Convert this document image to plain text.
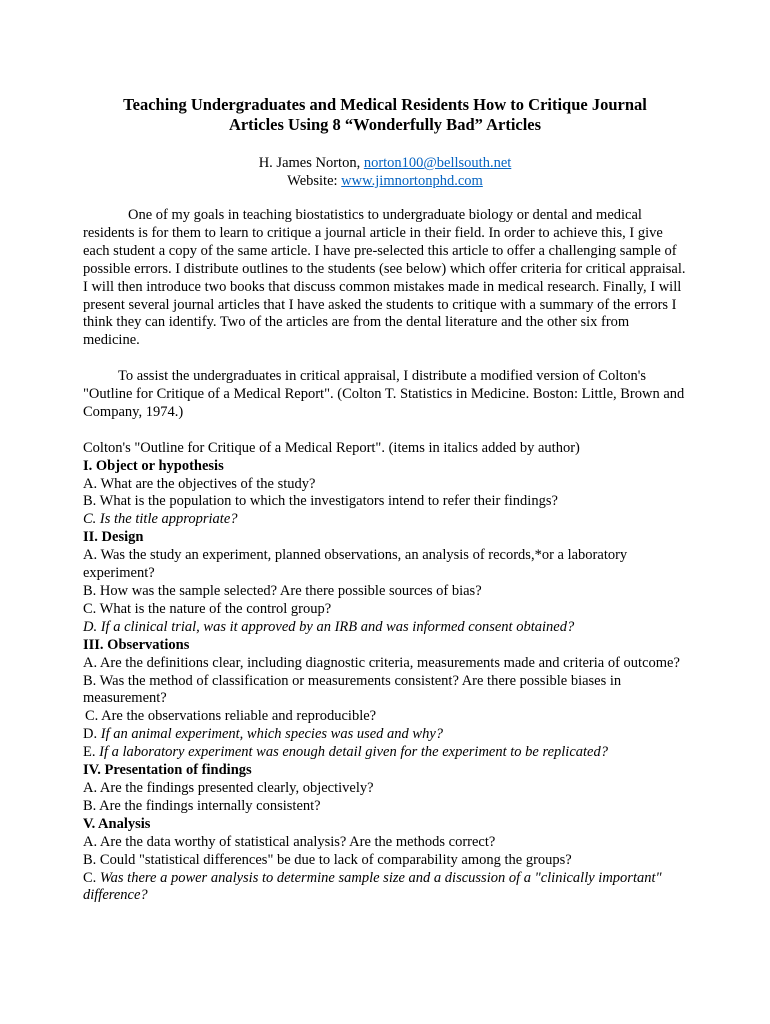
Teaching Undergraduates and Medical Residents How to Critique Journal
Articles Using 8 “Wonderfully Bad” Articles
H. James Norton, norton100@bellsouth.net
Website: www.jimnortonphd.com

One of my goals in teaching biostatistics to undergraduate biology or dental and medical residents is for them to learn to critique a journal article in their field. In order to achieve this, I give each student a copy of the same article. I have pre-selected this article to offer a challenging sample of possible errors. I distribute outlines to the students (see below) which offer criteria for critical appraisal. I will then introduce two books that discuss common mistakes made in medical research. Finally, I will present several journal articles that I have asked the students to critique with a summary of the errors I think they can identify. Two of the articles are from the dental literature and the other six from medicine.

To assist the undergraduates in critical appraisal, I distribute a modified version of Colton's "Outline for Critique of a Medical Report". (Colton T. Statistics in Medicine. Boston: Little, Brown and Company, 1974.)

Colton's "Outline for Critique of a Medical Report". (items in italics added by author)

I. Object or hypothesis

A. What are the objectives of the study?

B. What is the population to which the investigators intend to refer their findings?

C. Is the title appropriate?

II. Design

A. Was the study an experiment, planned observations, an analysis of records,*or a laboratory experiment?

B. How was the sample selected? Are there possible sources of bias?

C. What is the nature of the control group?

D. If a clinical trial, was it approved by an IRB and was informed consent obtained?

III. Observations

A. Are the definitions clear, including diagnostic criteria, measurements made and criteria of outcome?

B. Was the method of classification or measurements consistent? Are there possible biases in measurement?

C. Are the observations reliable and reproducible?

D. If an animal experiment, which species was used and why?

E. If a laboratory experiment was enough detail given for the experiment to be replicated?

IV. Presentation of findings

A. Are the findings presented clearly, objectively?

B. Are the findings internally consistent?

V. Analysis

A. Are the data worthy of statistical analysis? Are the methods correct?

B. Could "statistical differences" be due to lack of comparability among the groups?

C. Was there a power analysis to determine sample size and a discussion of a "clinically important" difference?
